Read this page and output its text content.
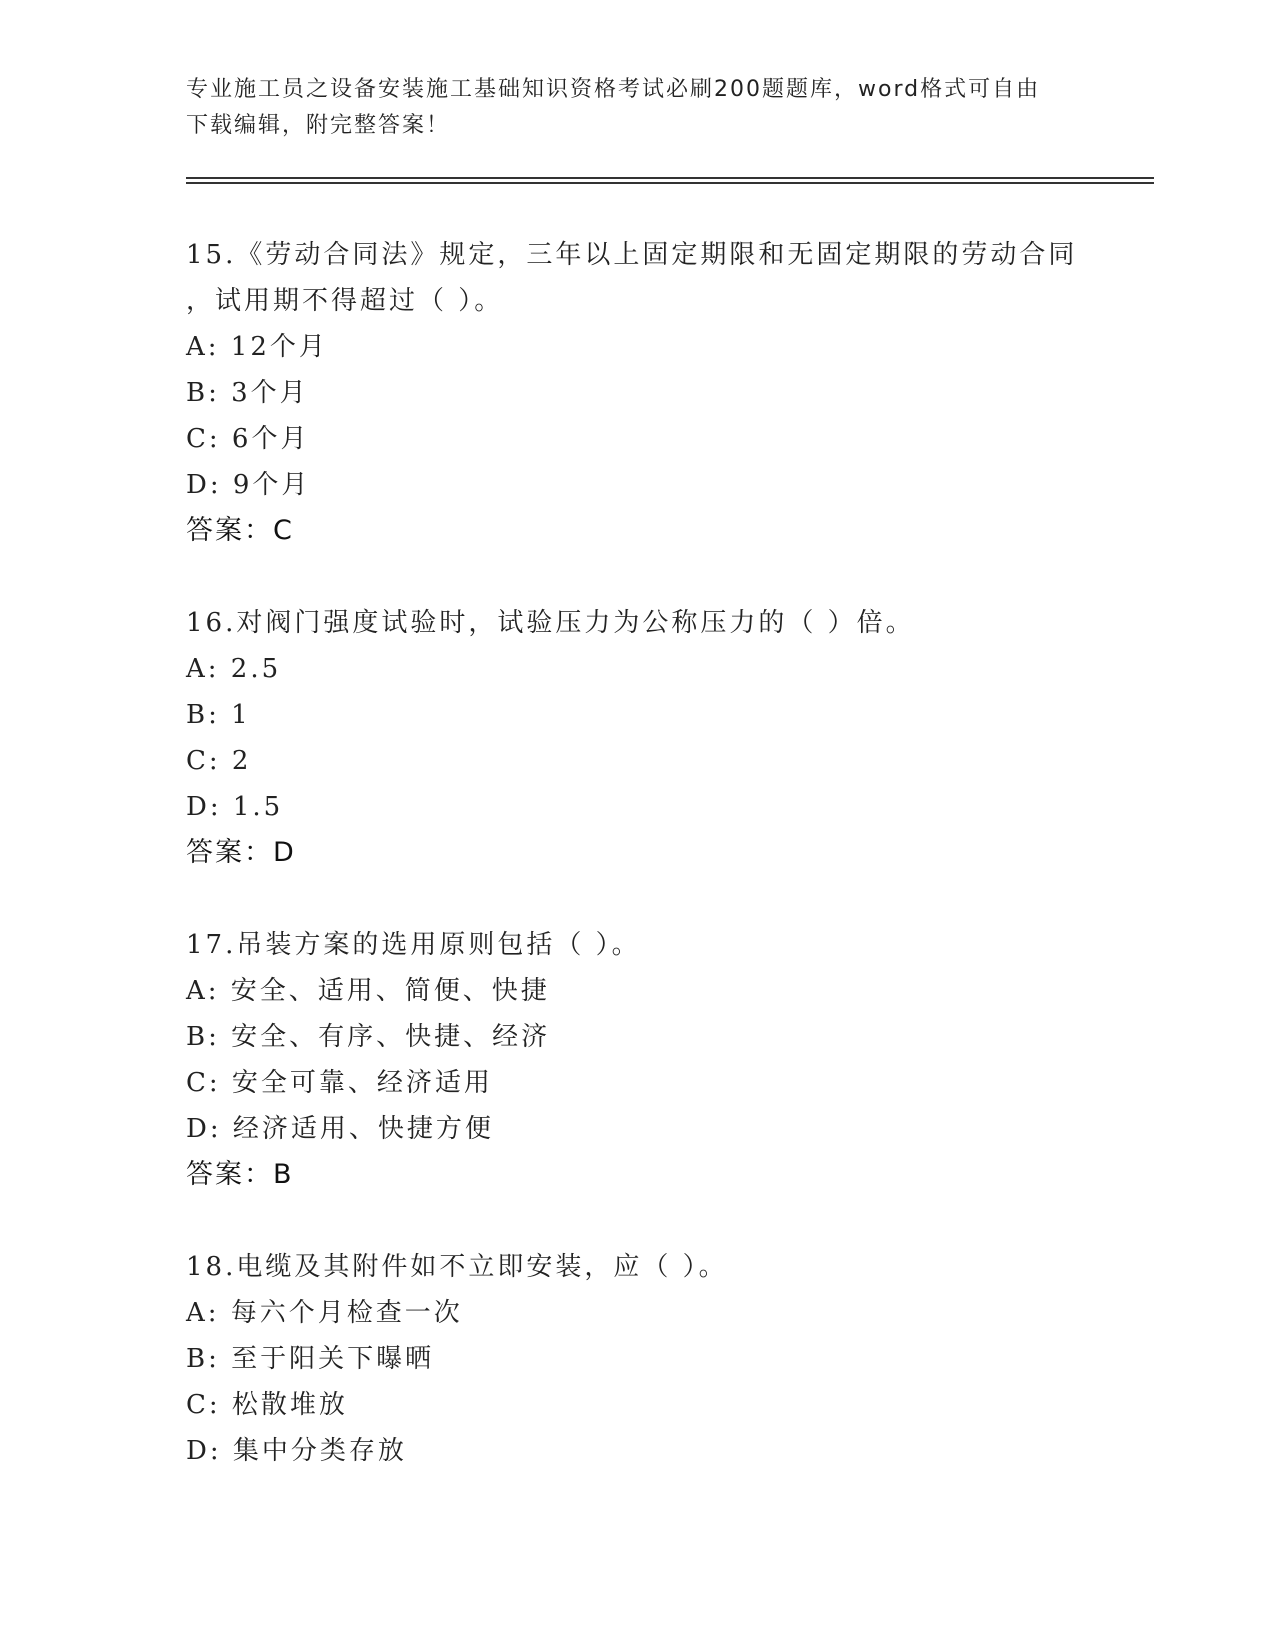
专业施工员之设备安装施工基础知识资格考试必刷200题题库，word格式可自由
下载编辑，附完整答案！
15.《劳动合同法》规定，三年以上固定期限和无固定期限的劳动合同
，试用期不得超过（ ）。
A: 12个月
B: 3个月
C: 6个月
D: 9个月
答案：C
16.对阀门强度试验时，试验压力为公称压力的（ ）倍。
A: 2.5
B: 1
C: 2
D: 1.5
答案：D
17.吊装方案的选用原则包括（ ）。
A: 安全、适用、简便、快捷
B: 安全、有序、快捷、经济
C: 安全可靠、经济适用
D: 经济适用、快捷方便
答案：B
18.电缆及其附件如不立即安装，应（ ）。
A: 每六个月检查一次
B: 至于阳关下曝晒
C: 松散堆放
D: 集中分类存放
